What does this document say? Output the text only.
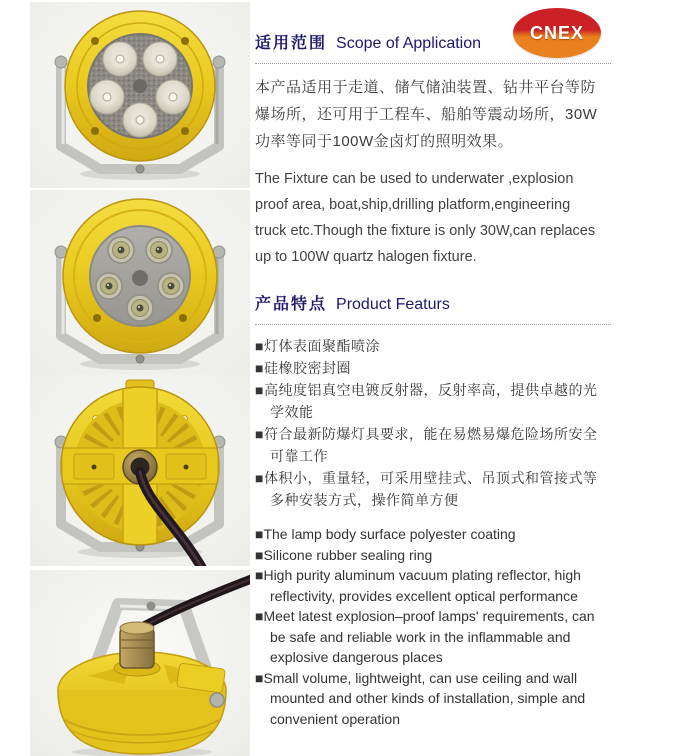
CNEX
适用范围 Scope of Application

本产品适用于走道、储气储油装置、钻井平台等防爆场所，还可用于工程车、船舶等震动场所，30W功率等同于100W金卤灯的照明效果。

The Fixture can be used to underwater ,explosion proof area, boat,ship,drilling platform,engineering truck etc.Though the fixture is only 30W,can replaces up to 100W quartz halogen fixture.

产品特点 Product Featurs
■灯体表面聚酯喷涂
■硅橡胶密封圈
■高纯度铝真空电镀反射器，反射率高，提供卓越的光学效能
■符合最新防爆灯具要求，能在易燃易爆危险场所安全可靠工作
■体积小，重量轻，可采用壁挂式、吊顶式和管接式等多种安装方式，操作简单方便
■The lamp body surface polyester coating
■Silicone rubber sealing ring
■High purity aluminum vacuum plating reflector, high reflectivity, provides excellent optical performance
■Meet latest explosion–proof lamps' requirements, can be safe and reliable work in the inflammable and explosive dangerous places
■Small volume, lightweight, can use ceiling and wall mounted and other kinds of installation, simple and convenient operation
